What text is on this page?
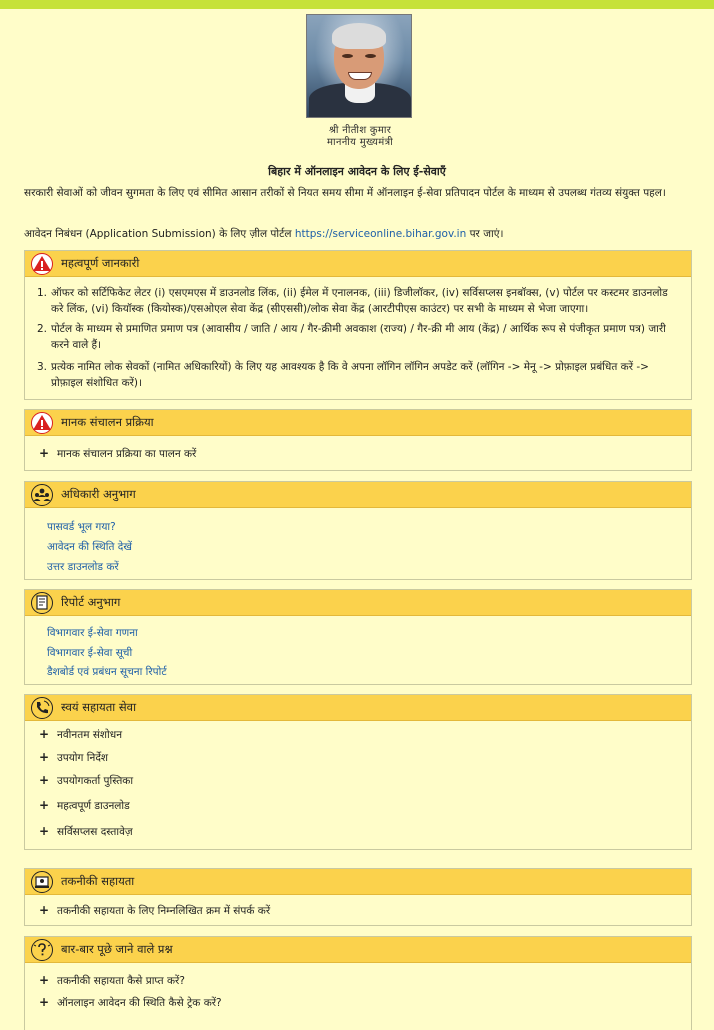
श्री नीतीश कुमार
माननीय मुख्यमंत्री
बिहार में ऑनलाइन आवेदन के लिए ई-सेवाएँ
सरकारी सेवाओं को जीवन सुगमता के लिए एवं सीमित आसान तरीकों से नियत समय सीमा में ऑनलाइन ई-सेवा प्रतिपादन पोर्टल के माध्यम से उपलब्ध गंतव्य संयुक्त पहल।
आवेदन निबंधन (Application Submission) के लिए ज़ील पोर्टल https://serviceonline.bihar.gov.in पर जाएं।
महत्वपूर्ण जानकारी
1. ऑफर को सर्टिफिकेट लेटर (i) एसएमएस में डाउनलोड लिंक, (ii) ईमेल में एनालनक, (iii) डिजीलॉकर, (iv) सर्विसप्लस इनबॉक्स, (v) पोर्टल पर कस्टमर डाउनलोड करे लिंक, (vi) कियॉस्क (कियोस्क)/एसओएल सेवा केंद्र (सीएससी)/लोक सेवा केंद्र (आरटीपीएस काउंटर) पर सभी के माध्यम से भेजा जाएगा।
2. पोर्टल के माध्यम से प्रमाणित प्रमाण पत्र (आवासीय / जाति / आय / गैर-क्रीमी अवकाश (राज्य) / गैर-क्री मी आय (केंद्र) / आर्थिक रूप से पंजीकृत प्रमाण पत्र) जारी करने वाले हैं।
3. प्रत्येक नामित लोक सेवकों (नामित अधिकारियों) के लिए यह आवश्यक है कि वे अपना लॉगिन लॉगिन अपडेट करें (लॉगिन -> मेनू -> प्रोफ़ाइल प्रबंधित करें -> प्रोफ़ाइल संशोधित करें)।
मानक संचालन प्रक्रिया
+ मानक संचालन प्रक्रिया का पालन करें
अधिकारी अनुभाग
पासवर्ड भूल गया?
आवेदन की स्थिति देखें
उत्तर डाउनलोड करें
रिपोर्ट अनुभाग
विभागवार ई-सेवा गणना
विभागवार ई-सेवा सूची
डैशबोर्ड एवं प्रबंधन सूचना रिपोर्ट
स्वयं सहायता सेवा
+ नवीनतम संशोधन
+ उपयोग निर्देश
+ उपयोगकर्ता पुस्तिका
+ महत्वपूर्ण डाउनलोड
+ सर्विसप्लस दस्तावेज़
तकनीकी सहायता
+ तकनीकी सहायता के लिए निम्नलिखित क्रम में संपर्क करें
बार-बार पूछे जाने वाले प्रश्न
+ तकनीकी सहायता कैसे प्राप्त करें?
+ ऑनलाइन आवेदन की स्थिति कैसे ट्रेक करें?
